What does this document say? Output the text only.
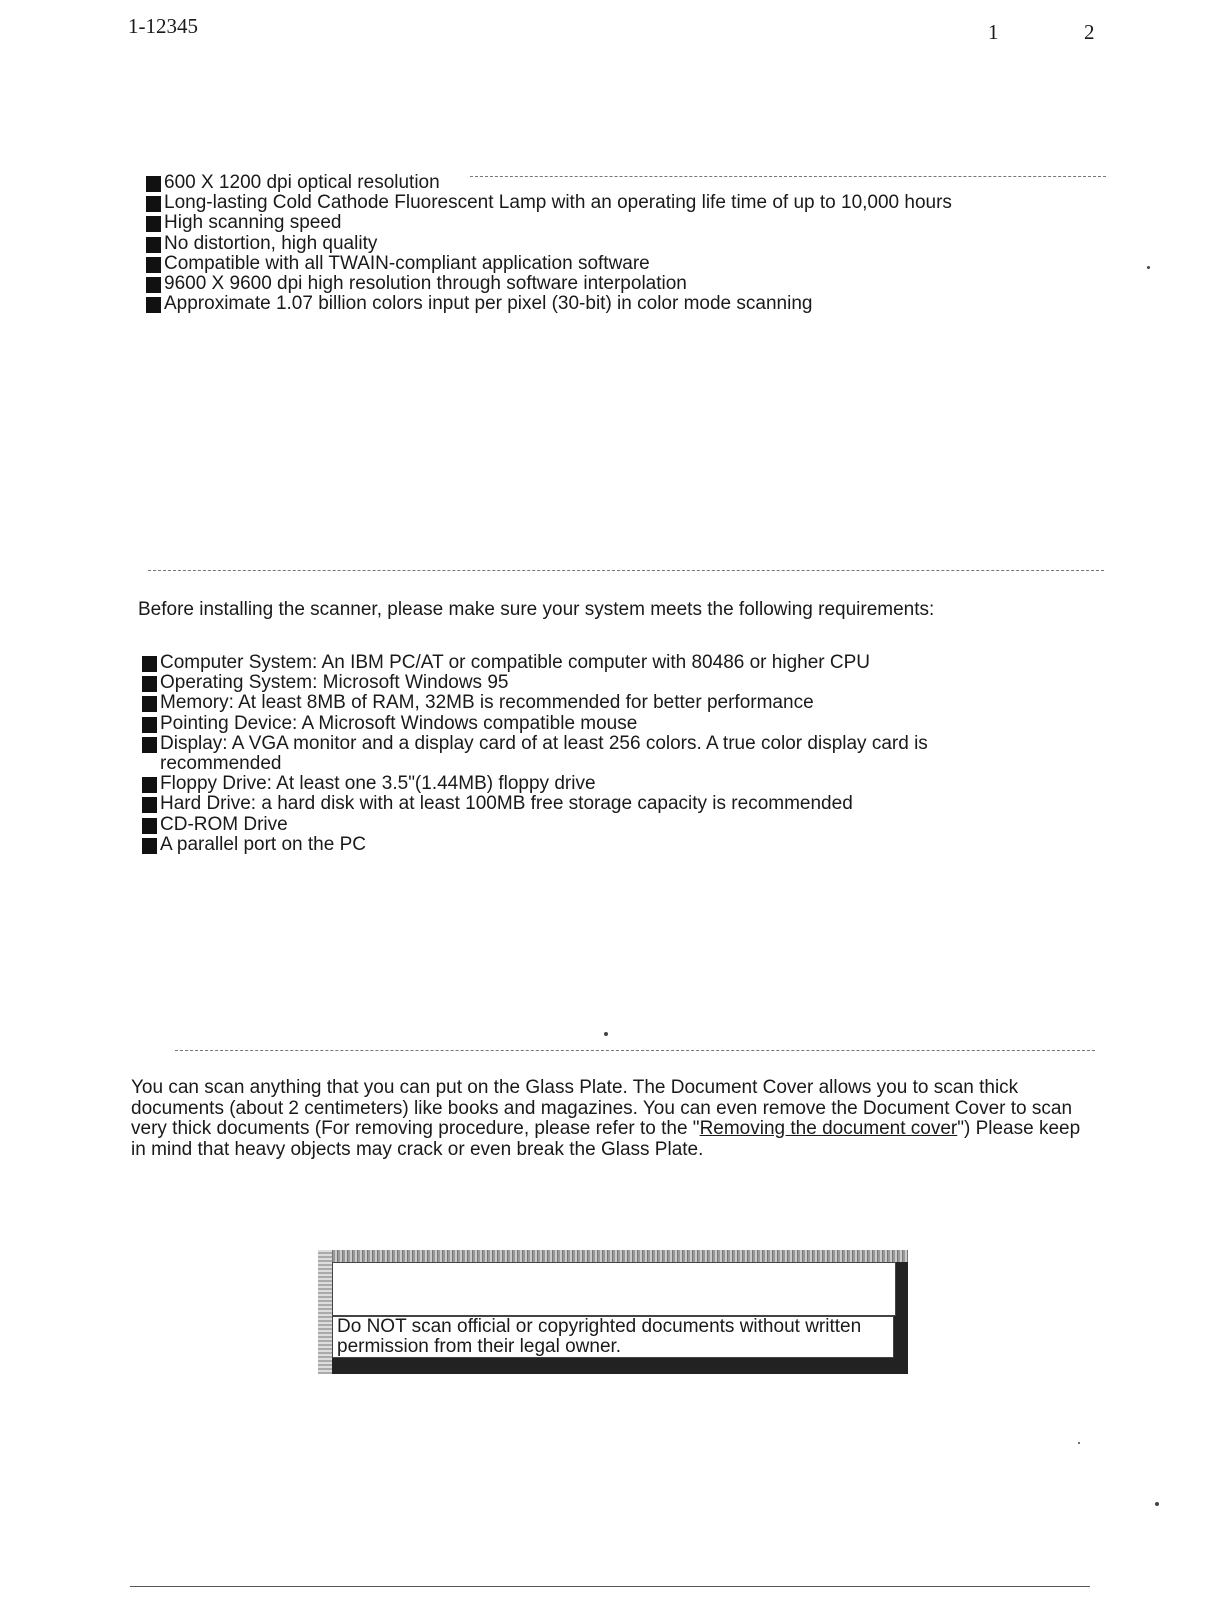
1-12345	1	2
600 X 1200 dpi optical resolution
Long-lasting Cold Cathode Fluorescent Lamp with an operating life time of up to 10,000 hours
High scanning speed
No distortion, high quality
Compatible with all TWAIN-compliant application software
9600 X 9600 dpi high resolution through software interpolation
Approximate 1.07 billion colors input per pixel (30-bit) in color mode scanning
Before installing the scanner, please make sure your system meets the following requirements:
Computer System: An IBM PC/AT or compatible computer with 80486 or higher CPU
Operating System: Microsoft Windows 95
Memory: At least 8MB of RAM, 32MB is recommended for better performance
Pointing Device: A Microsoft Windows compatible mouse
Display: A VGA monitor and a display card of at least 256 colors. A true color display card is recommended
Floppy Drive: At least one 3.5"(1.44MB) floppy drive
Hard Drive: a hard disk with at least 100MB free storage capacity is recommended
CD-ROM Drive
A parallel port on the PC
You can scan anything that you can put on the Glass Plate. The Document Cover allows you to scan thick documents (about 2 centimeters) like books and magazines. You can even remove the Document Cover to scan very thick documents (For removing procedure, please refer to the "Removing the document cover") Please keep in mind that heavy objects may crack or even break the Glass Plate.
Do NOT scan official or copyrighted documents without written permission from their legal owner.
